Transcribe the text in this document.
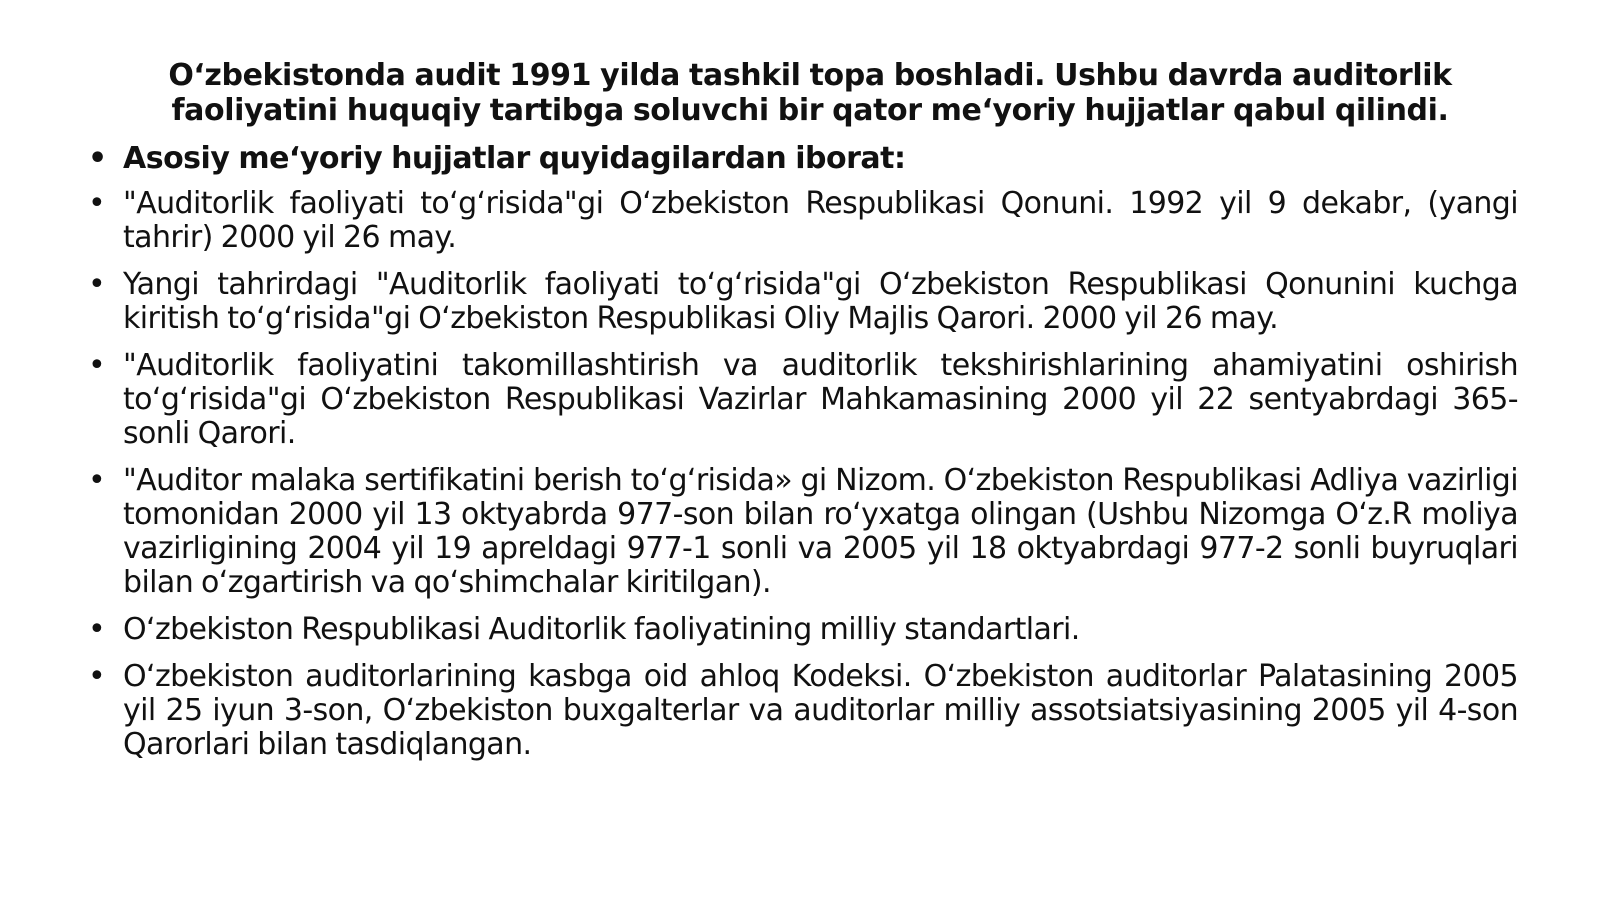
Oʻzbekistonda audit 1991 yilda tashkil topa boshladi. Ushbu davrda auditorlik faoliyatini huquqiy tartibga soluvchi bir qator meʻyoriy hujjatlar qabul qilindi.
• Asosiy meʻyoriy hujjatlar quyidagilardan iborat:
• "Auditorlik faoliyati toʻgʻrisida"gi Oʻzbekiston Respublikasi Qonuni. 1992 yil 9 dekabr, (yangi tahrir) 2000 yil 26 may.
• Yangi tahrirdagi "Auditorlik faoliyati toʻgʻrisida"gi Oʻzbekiston Respublikasi Qonunini kuchga kiritish toʻgʻrisida"gi Oʻzbekiston Respublikasi Oliy Majlis Qarori. 2000 yil 26 may.
• "Auditorlik faoliyatini takomillashtirish va auditorlik tekshirishlarining ahamiyatini oshirish toʻgʻrisida"gi Oʻzbekiston Respublikasi Vazirlar Mahkamasining 2000 yil 22 sentyabrdagi 365- sonli Qarori.
• "Auditor malaka sertifikatini berish toʻgʻrisida» gi Nizom. Oʻzbekiston Respublikasi Adliya vazirligi tomonidan 2000 yil 13 oktyabrda 977-son bilan roʻyxatga olingan (Ushbu Nizomga Oʻz.R moliya vazirligining 2004 yil 19 apreldagi 977-1 sonli va 2005 yil 18 oktyabrdagi 977-2 sonli buyruqlari bilan oʻzgartirish va qoʻshimchalar kiritilgan).
• Oʻzbekiston Respublikasi Auditorlik faoliyatining milliy standartlari.
• Oʻzbekiston auditorlarining kasbga oid ahloq Kodeksi. Oʻzbekiston auditorlar Palatasining 2005 yil 25 iyun 3-son, Oʻzbekiston buxgalterlar va auditorlar milliy assotsiatsiyasining 2005 yil 4-son Qarorlari bilan tasdiqlangan.
